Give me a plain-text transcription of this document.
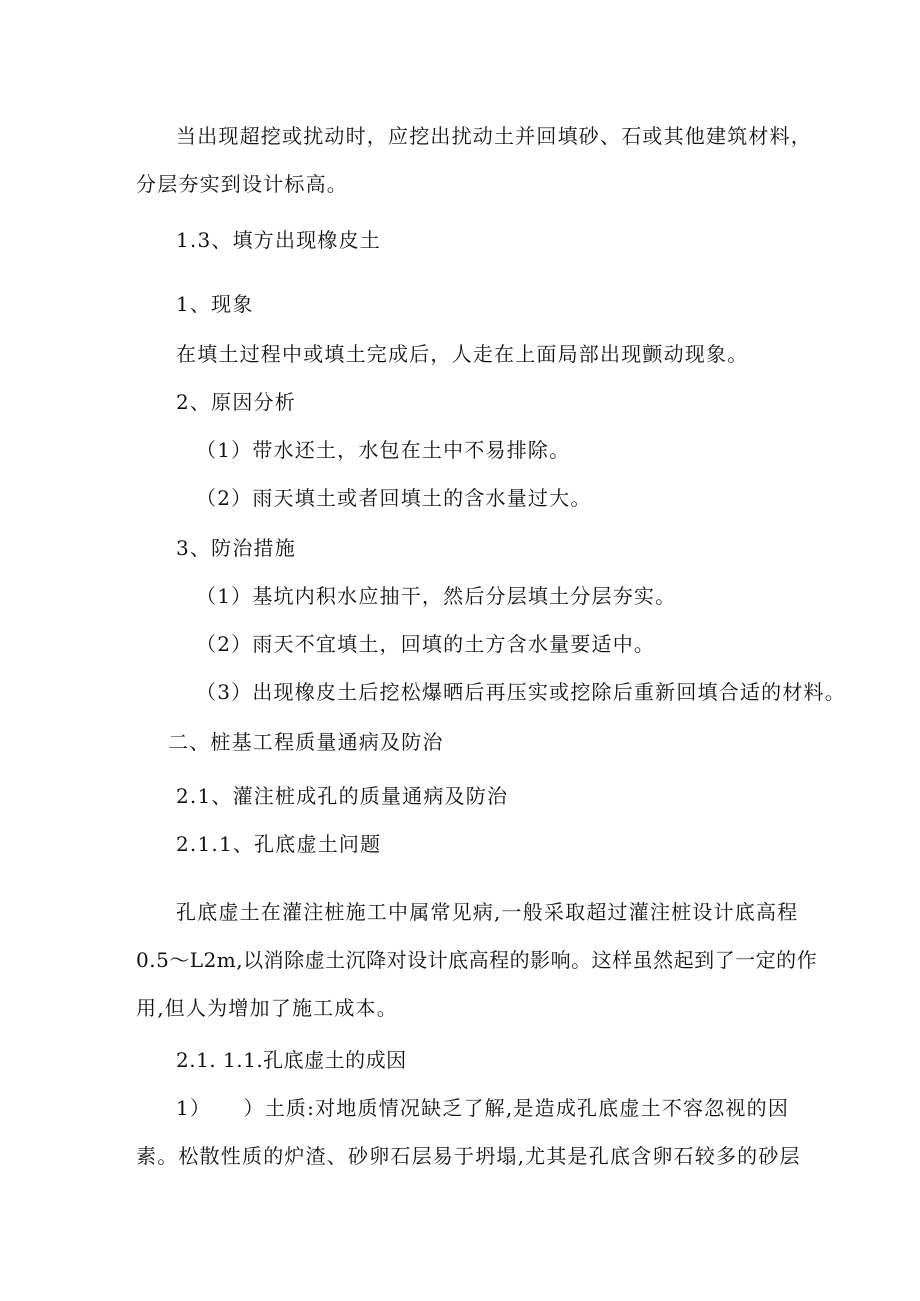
当出现超挖或扰动时，应挖出扰动土并回填砂、石或其他建筑材料，

分层夯实到设计标高。

1.3、填方出现橡皮土

1、现象

在填土过程中或填土完成后，人走在上面局部出现颤动现象。

2、原因分析

（1）带水还土，水包在土中不易排除。

（2）雨天填土或者回填土的含水量过大。

3、防治措施

（1）基坑内积水应抽干，然后分层填土分层夯实。

（2）雨天不宜填土，回填的土方含水量要适中。

（3）出现橡皮土后挖松爆晒后再压实或挖除后重新回填合适的材料。

二、桩基工程质量通病及防治

2.1、灌注桩成孔的质量通病及防治

2.1.1、孔底虚土问题

孔底虚土在灌注桩施工中属常见病,一般采取超过灌注桩设计底高程

0.5～L2m,以消除虚土沉降对设计底高程的影响。这样虽然起到了一定的作

用,但人为增加了施工成本。

2.1. 1.1.孔底虚土的成因

1）　　）土质:对地质情况缺乏了解,是造成孔底虚土不容忽视的因

素。松散性质的炉渣、砂卵石层易于坍塌,尤其是孔底含卵石较多的砂层
